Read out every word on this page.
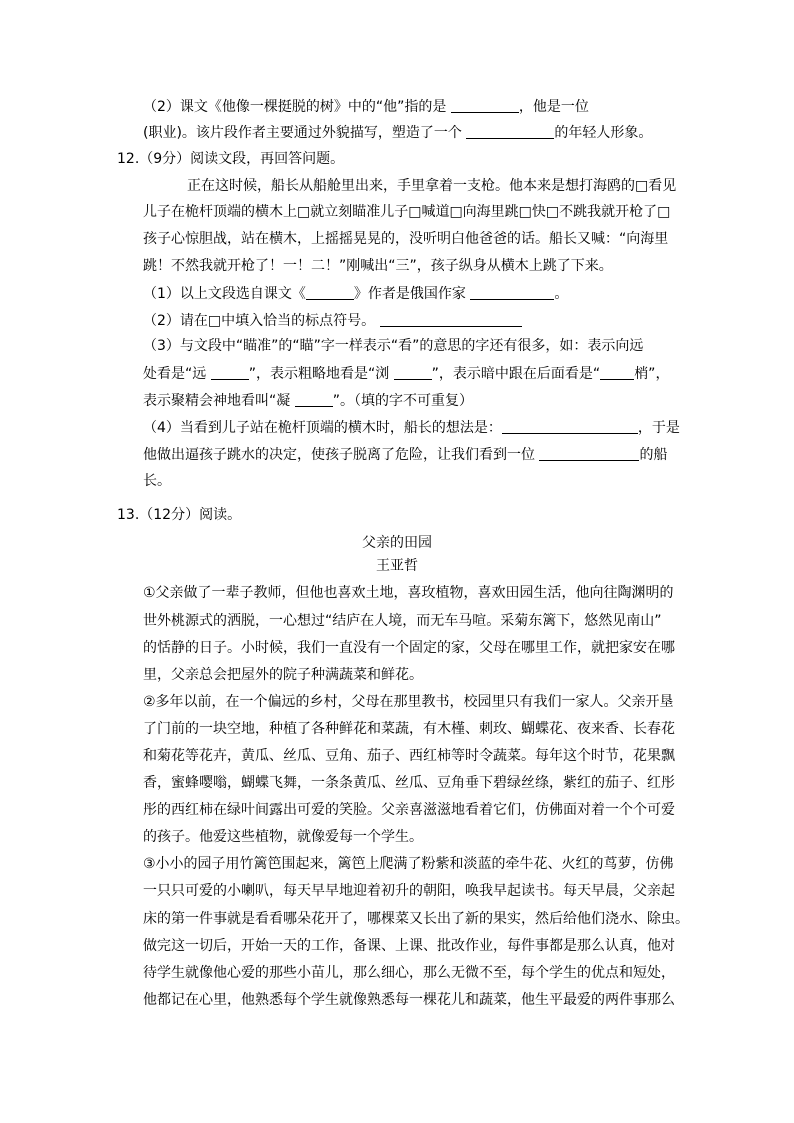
（2）课文《他像一棵挺脱的树》中的“他”指的是	，他是一位
(职业)。该片段作者主要通过外貌描写，塑造了一个	的年轻人形象。
12.（9分）阅读文段，再回答问题。
正在这时候，船长从船舱里出来，手里拿着一支枪。他本来是想打海鸥的□看见
儿子在桅杆顶端的横木上□就立刻瞄准儿子□喊道□向海里跳□快□不跳我就开枪了□
孩子心惊胆战，站在横木，上摇摇晃晃的，没听明白他爸爸的话。船长又喊：“向海里
跳！不然我就开枪了！一！二！”刚喊出“三”，孩子纵身从横木上跳了下来。
（1）以上文段选自课文《	》作者是俄国作家	。
（2）请在□中填入恰当的标点符号。
（3）与文段中“瞄准”的“瞄”字一样表示“看”的意思的字还有很多，如：表示向远
处看是“远	”，表示粗略地看是“浏	”，表示暗中跟在后面看是“ 梢”，
表示聚精会神地看叫“凝	”。（填的字不可重复）
（4）当看到儿子站在桅杆顶端的横木时，船长的想法是：	，于是
他做出逼孩子跳水的决定，使孩子脱离了危险，让我们看到一位	的船
长。
13.（12分）阅读。
父亲的田园
王亚哲
①父亲做了一辈子教师，但他也喜欢土地，喜玫植物，喜欢田园生活，他向往陶渊明的
世外桃源式的洒脱，一心想过“结庐在人境，而无车马喧。采菊东篱下，悠然见南山”
的恬静的日子。小时候，我们一直没有一个固定的家，父母在哪里工作，就把家安在哪
里，父亲总会把屋外的院子种满蔬菜和鲜花。
②多年以前，在一个偏远的乡村，父母在那里教书，校园里只有我们一家人。父亲开垦
了门前的一块空地，种植了各种鲜花和菜蔬，有木槿、刺玫、蝴蝶花、夜来香、长春花
和菊花等花卉，黄瓜、丝瓜、豆角、茄子、西红柿等时令蔬菜。每年这个时节，花果飘
香，蜜蜂嘤嗡，蝴蝶飞舞，一条条黄瓜、丝瓜、豆角垂下碧绿丝绦，紫红的茄子、红彤
彤的西红柿在绿叶间露出可爱的笑脸。父亲喜滋滋地看着它们，仿佛面对着一个个可爱
的孩子。他爱这些植物，就像爱每一个学生。
③小小的园子用竹篱笆围起来，篱笆上爬满了粉紫和淡蓝的牵牛花、火红的茑萝，仿佛
一只只可爱的小喇叭，每天早早地迎着初升的朝阳，唤我早起读书。每天早晨，父亲起
床的第一件事就是看看哪朵花开了，哪棵菜又长出了新的果实，然后给他们浇水、除虫。
做完这一切后，开始一天的工作，备课、上课、批改作业，每件事都是那么认真，他对
待学生就像他心爱的那些小苗儿，那么细心，那么无微不至，每个学生的优点和短处，
他都记在心里，他熟悉每个学生就像熟悉每一棵花儿和蔬菜，他生平最爱的两件事那么
